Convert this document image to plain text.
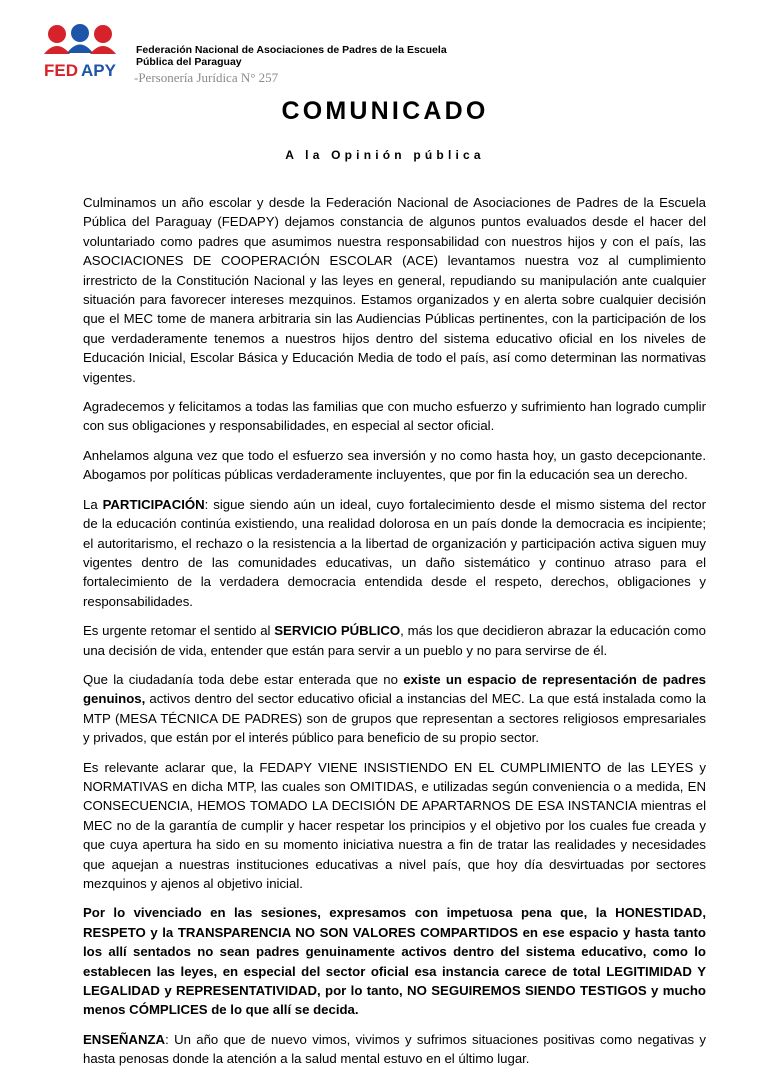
FED APY
Federación Nacional de Asociaciones de Padres de la Escuela
Pública del Paraguay
-Personería Jurídica N° 257
COMUNICADO
A la Opinión pública

Culminamos un año escolar y desde la Federación Nacional de Asociaciones de Padres de la Escuela Pública del Paraguay (FEDAPY) dejamos constancia de algunos puntos evaluados desde el hacer del voluntariado como padres que asumimos nuestra responsabilidad con nuestros hijos y con el país, las ASOCIACIONES DE COOPERACIÓN ESCOLAR (ACE) levantamos nuestra voz al cumplimiento irrestricto de la Constitución Nacional y las leyes en general, repudiando su manipulación ante cualquier situación para favorecer intereses mezquinos. Estamos organizados y en alerta sobre cualquier decisión que el MEC tome de manera arbitraria sin las Audiencias Públicas pertinentes, con la participación de los que verdaderamente tenemos a nuestros hijos dentro del sistema educativo oficial en los niveles de Educación Inicial, Escolar Básica y Educación Media de todo el país, así como determinan las normativas vigentes.

Agradecemos y felicitamos a todas las familias que con mucho esfuerzo y sufrimiento han logrado cumplir con sus obligaciones y responsabilidades, en especial al sector oficial.

Anhelamos alguna vez que todo el esfuerzo sea inversión y no como hasta hoy, un gasto decepcionante. Abogamos por políticas públicas verdaderamente incluyentes, que por fin la educación sea un derecho.

La PARTICIPACIÓN: sigue siendo aún un ideal, cuyo fortalecimiento desde el mismo sistema del rector de la educación continúa existiendo, una realidad dolorosa en un país donde la democracia es incipiente; el autoritarismo, el rechazo o la resistencia a la libertad de organización y participación activa siguen muy vigentes dentro de las comunidades educativas, un daño sistemático y continuo atraso para el fortalecimiento de la verdadera democracia entendida desde el respeto, derechos, obligaciones y responsabilidades.

Es urgente retomar el sentido al SERVICIO PÚBLICO, más los que decidieron abrazar la educación como una decisión de vida, entender que están para servir a un pueblo y no para servirse de él.

Que la ciudadanía toda debe estar enterada que no existe un espacio de representación de padres genuinos, activos dentro del sector educativo oficial a instancias del MEC. La que está instalada como la MTP (MESA TÉCNICA DE PADRES) son de grupos que representan a sectores religiosos empresariales y privados, que están por el interés público para beneficio de su propio sector.

Es relevante aclarar que, la FEDAPY VIENE INSISTIENDO EN EL CUMPLIMIENTO de las LEYES y NORMATIVAS en dicha MTP, las cuales son OMITIDAS, e utilizadas según conveniencia o a medida, EN CONSECUENCIA, HEMOS TOMADO LA DECISIÓN DE APARTARNOS DE ESA INSTANCIA mientras el MEC no de la garantía de cumplir y hacer respetar los principios y el objetivo por los cuales fue creada y que cuya apertura ha sido en su momento iniciativa nuestra a fin de tratar las realidades y necesidades que aquejan a nuestras instituciones educativas a nivel país, que hoy día desvirtuadas por sectores mezquinos y ajenos al objetivo inicial.

Por lo vivenciado en las sesiones, expresamos con impetuosa pena que, la HONESTIDAD, RESPETO y la TRANSPARENCIA NO SON VALORES COMPARTIDOS en ese espacio y hasta tanto los allí sentados no sean padres genuinamente activos dentro del sistema educativo, como lo establecen las leyes, en especial del sector oficial esa instancia carece de total LEGITIMIDAD Y LEGALIDAD y REPRESENTATIVIDAD, por lo tanto, NO SEGUIREMOS SIENDO TESTIGOS y mucho menos CÓMPLICES de lo que allí se decida.

ENSEÑANZA: Un año que de nuevo vimos, vivimos y sufrimos situaciones positivas como negativas y hasta penosas donde la atención a la salud mental estuvo en el último lugar.
